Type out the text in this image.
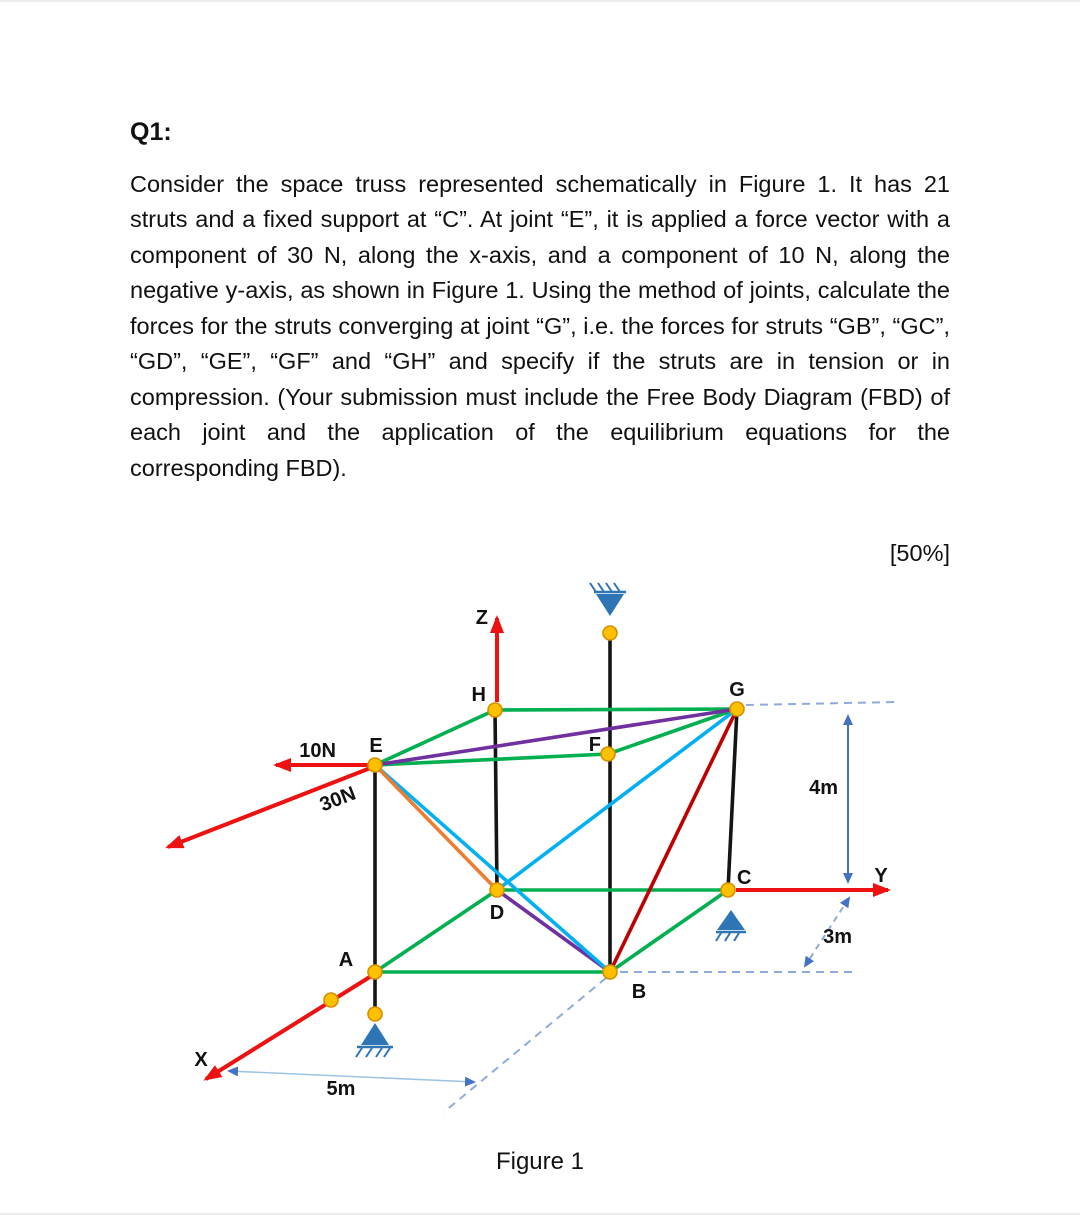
Q1:

Consider the space truss represented schematically in Figure 1. It has 21 struts and a fixed support at “C”. At joint “E”, it is applied a force vector with a component of 30 N, along the x-axis, and a component of 10 N, along the negative y-axis, as shown in Figure 1. Using the method of joints, calculate the forces for the struts converging at joint “G”, i.e. the forces for struts “GB”, “GC”, “GD”, “GE”, “GF” and “GH” and specify if the struts are in tension or in compression. (Your submission must include the Free Body Diagram (FBD) of each joint and the application of the equilibrium equations for the corresponding FBD).

[50%]
Z
X
Y
H	G
E	F
D
C
A
B
10N
30N	4m
3m
5m
Figure 1
